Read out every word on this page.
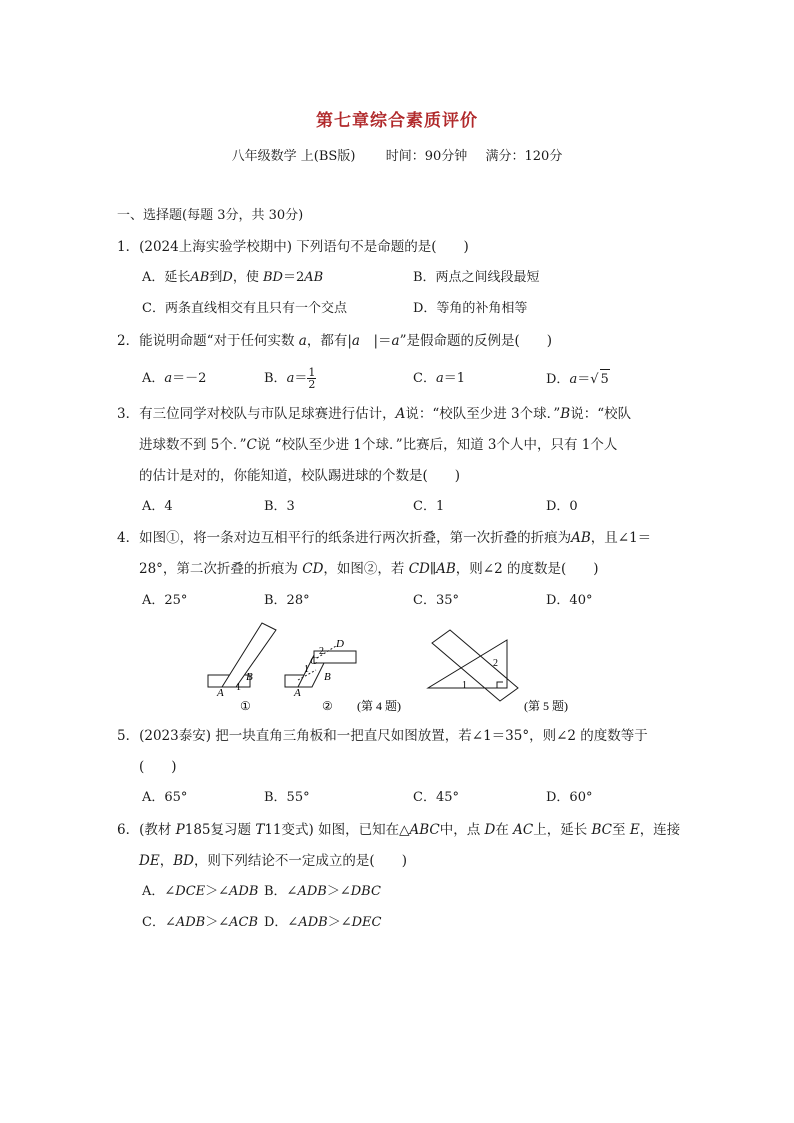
第七章综合素质评价
八年级数学 上(BS版) 时间：90分钟 满分：120分
一、选择题(每题 3分，共 30分)
1．(2024上海实验学校期中) 下列语句不是命题的是(　　)
A．延长AB到D，使 BD＝2AB	B．两点之间线段最短
C．两条直线相交有且只有一个交点	D．等角的补角相等
2．能说明命题“对于任何实数 a，都有|a　|＝a”是假命题的反例是(　　)
A．a＝－2	B．$a= \frac{1}{2}$	C．a＝1	D．a＝√ 5
3．有三位同学对校队与市队足球赛进行估计，A说：“校队至少进 3个球．”B说：“校队
进球数不到 5个．”C说 “校队至少进 1个球．”比赛后，知道 3个人中，只有 1个人
的估计是对的，你能知道，校队踢进球的个数是(　　)
A．4	B．3	C．1	D．0
4．如图①，将一条对边互相平行的纸条进行两次折叠，第一次折叠的折痕为AB，且∠1＝
28°，第二次折叠的折痕为 CD，如图②，若 CD∥AB，则∠2 的度数是(　　)
A．25°	B．28°	C．35°	D．40°
A
B
1
①
A
B
C
D
1
2
② (第 4 题)
1
2
(第 5 题)
5．(2023泰安) 把一块直角三角板和一把直尺如图放置，若∠1＝35°，则∠2 的度数等于
(　　)
A．65°	B．55°	C．45°	D．60°
6．(教材 P185复习题 T11变式) 如图，已知在△ABC中，点 D在 AC上，延长 BC至 E，连接
DE，BD，则下列结论不一定成立的是(　　)
A．∠DCE＞∠ADB B．∠ADB＞∠DBC
C．∠ADB＞∠ACB D．∠ADB＞∠DEC
